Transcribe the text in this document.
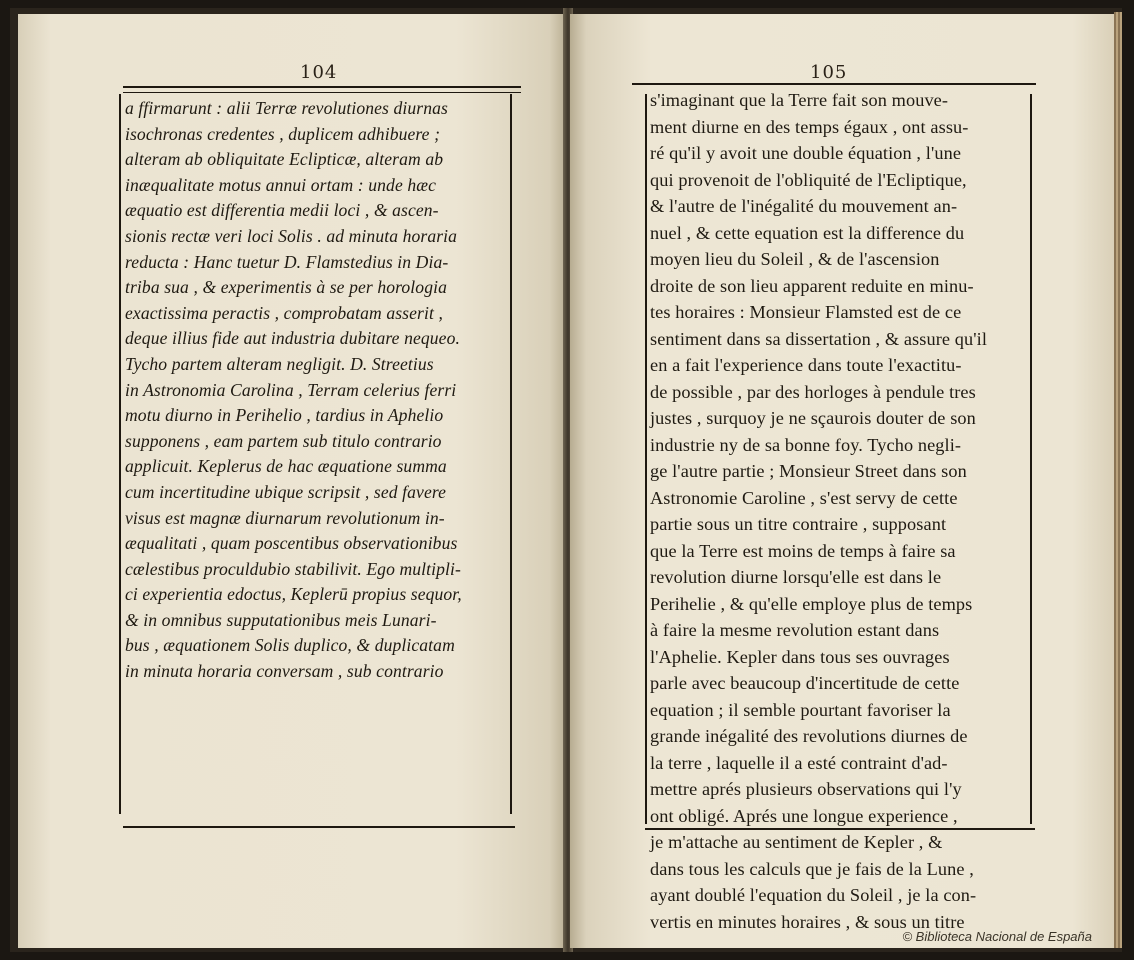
104
a ffirmarunt : alii Terræ revolutiones diurnas
isochronas credentes , duplicem adhibuere ;
alteram ab obliquitate Eclipticæ, alteram ab
inæqualitate motus annui ortam : unde hæc
æquatio est differentia medii loci , & ascen-
sionis rectæ veri loci Solis . ad minuta horaria
reducta : Hanc tuetur D. Flamstedius in Dia-
triba sua , & experimentis à se per horologia
exactissima peractis , comprobatam asserit ,
deque illius fide aut industria dubitare nequeo.
Tycho partem alteram negligit. D. Streetius
in Astronomia Carolina , Terram celerius ferri
motu diurno in Perihelio , tardius in Aphelio
supponens , eam partem sub titulo contrario
applicuit. Keplerus de hac æquatione summa
cum incertitudine ubique scripsit , sed favere
visus est magnæ diurnarum revolutionum in-
æqualitati , quam poscentibus observationibus
cælestibus proculdubio stabilivit. Ego multipli-
ci experientia edoctus, Keplerū propius sequor,
& in omnibus supputationibus meis Lunari-
bus , æquationem Solis duplico, & duplicatam
in minuta horaria conversam , sub contrario
105
s'imaginant que la Terre fait son mouve-
ment diurne en des temps égaux , ont assu-
ré qu'il y avoit une double équation , l'une
qui provenoit de l'obliquité de l'Ecliptique,
& l'autre de l'inégalité du mouvement an-
nuel , & cette equation est la difference du
moyen lieu du Soleil , & de l'ascension
droite de son lieu apparent reduite en minu-
tes horaires : Monsieur Flamsted est de ce
sentiment dans sa dissertation , & assure qu'il
en a fait l'experience dans toute l'exactitu-
de possible , par des horloges à pendule tres
justes , surquoy je ne sçaurois douter de son
industrie ny de sa bonne foy. Tycho negli-
ge l'autre partie ; Monsieur Street dans son
Astronomie Caroline , s'est servy de cette
partie sous un titre contraire , supposant
que la Terre est moins de temps à faire sa
revolution diurne lorsqu'elle est dans le
Perihelie , & qu'elle employe plus de temps
à faire la mesme revolution estant dans
l'Aphelie. Kepler dans tous ses ouvrages
parle avec beaucoup d'incertitude de cette
equation ; il semble pourtant favoriser la
grande inégalité des revolutions diurnes de
la terre , laquelle il a esté contraint d'ad-
mettre aprés plusieurs observations qui l'y
ont obligé. Aprés une longue experience ,
je m'attache au sentiment de Kepler , &
dans tous les calculs que je fais de la Lune ,
ayant doublé l'equation du Soleil , je la con-
vertis en minutes horaires , & sous un titre
© Biblioteca Nacional de España
